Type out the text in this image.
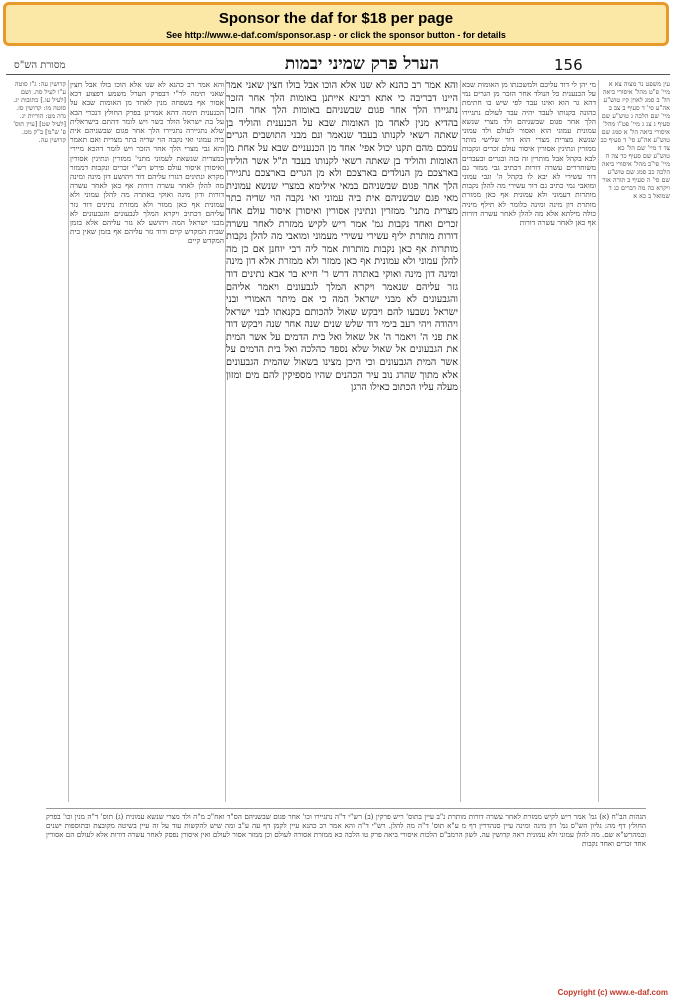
Sponsor the daf for $18 per page
See http://www.e-daf.com/sponsor.asp - or click the sponsor button - for details
מסורת הש"ס	הערל פרק שמיני יבמות	156
קדושין עה: ג"ז סוטה ע"ו לעיל סה. ושם [לעיל עו.] כתובות יג. סוטה מו: קדושין סז. נדה מט: הוריות יג. [לעיל שט] [עיין תוס' פ' ש"מ] ב"ק מט. קדושין עה.
והא אמר רב כהנא לא שנו אלא הוכו בולו אבל חצין שאני תימה לר"י דבפרק הערל משמע דפצוע דכא אסור אף בשפחה מנין לאחד מן האומות שבא על הכנענית תימה דהא אמרינן בפרק החולץ דנכרי הבא על בת ישראל הולד כשר ויש לומר דהתם בישראלית שלא נתגיירה נתגיירו הלך אחר פגום שבשניהם אית ביה עמוני ואי נקבה הוי שדיה בתר מצרית ואם תאמר והא גבי מצרי הלך אחר הזכר ויש לומר דהכא מיירי במצרית שנשאת לעמוני מתני' ממזרין ונתינין אסורין ואיסורן איסור עולם פירש רש"י זכרים ונקבות דממזר מקרא ונתינים דגזרו עליהם דוד ויהושע דון מינה ומינה מה להלן לאחר עשרה דורות אף כאן לאחר עשרה דורות ודון מינה ואוקי באתרה מה להלן עמוני ולא עמונית אף כאן ממזר ולא ממזרת נתינים דוד גזר עליהם דכתיב ויקרא המלך לגבעונים והגבעונים לא מבני ישראל המה ויהושע לא גזר עליהם אלא בזמן שבית המקדש קיים ודוד גזר עליהם אף בזמן שאין בית המקדש קיים
והא אמר רב כהנא לא שנו אלא הוכו אבל בולו חצין שאני אמר היינו דבריבה כי אתא רבינא אייתנן באומות הלך אחר הזכר נתגיירו הלך אחר פגום שבשניהם באומות הלך אחר הזכר בהדיא מנין לאחד מן האומות שבא על הכנענית והוליד בן שאתה רשאי לקנותו בעבד שנאמר ונם מבני התושבים הגרים עמכם מהם תקנו יכול אפי' אחד מן הכנעניים שבא על אחת מן האומות והוליד בן שאתה רשאי לקנותו בעבד ת"ל אשר הולידו בארצכם מן הנולדים בארצכם ולא מן הגרים בארצכם נתגיירו הלך אחר פגום שבשניהם במאי אילימא במצרי שנשא עמונית מאי פגם שבשניהם אית ביה עמוני ואי נקבה הוי שדיה בתר מצרית מתני' ממזרין ונתינין אסורין ואיסורן איסור עולם אחד זכרים ואחד נקבות גמ' אמר ריש לקיש ממזרת לאחר עשרה דורות מותרת יליף עשירי עשירי מעמוני ומואבי מה להלן נקבות מותרות אף כאן נקבות מותרות אמר ליה רבי יוחנן אם כן מה להלן עמוני ולא עמונית אף כאן ממזר ולא ממזרת אלא דון מינה ומינה דון מינה ואוקי באתרה דרש ר' חייא בר אבא נתינים דוד גזר עליהם שנאמר ויקרא המלך לגבעונים ויאמר אליהם והגבעונים לא מבני ישראל המה כי אם מיתר האמורי ובני ישראל נשבעו להם ויבקש שאול להכותם בקנאתו לבני ישראל ויהודה ויהי רעב בימי דוד שלש שנים שנה אחר שנה ויבקש דוד את פני ה' ויאמר ה' אל שאול ואל בית הדמים על אשר המית את הגבעונים אל שאול שלא נספד כהלכה ואל בית הדמים על אשר המית הגבעונים וכי היכן מצינו בשאול שהמית הגבעונים אלא מתוך שהרג נוב עיר הכהנים שהיו מספיקין להם מים ומזון מעלה עליו הכתוב כאילו הרגן
מי יהן לי דוד עליכם ולמשכנתו מן האומות שבא על הכנענית כל הנולד אחר הזכר מן הגרים נמי דהא גר הוא ואינו עבד לפי שיש בו חתימת כהונה בקנותו לעבד יהיה עבד לעולם נתגיירו הלך אחר פגום שבשניהם ולד מצרי שנשא עמונית עמוני הוא ואסור לעולם ולד עמוני שנשא מצרית מצרי הוא דור שלישי מותר ממזרין ונתינין אסורין איסור עולם זכרים ונקבות לבא בקהל אבל מותרין זה בזה ובגרים ובעבדים משוחררים עשרה דורות דכתיב גבי ממזר גם דור עשירי לא יבא לו בקהל ה' וגבי עמוני ומואבי נמי כתיב גם דור עשירי מה להלן נקבות מותרות דעמוני ולא עמונית אף כאן ממזרת מותרת דון מינה ומינה כלומר לא תילף מיניה כולה מילתא אלא מה להלן לאחר עשרה דורות אף כאן לאחר עשרה דורות
עין משפט נר מצוה צא א מיי' פ"ט מהל' איסורי ביאה הל' ב סמג לאוין קיז טוש"ע אה"ע סי' ד סעיף ב צב ב מיי' שם הלכה ג טוש"ע שם סעיף ג צג ג מיי' פט"ו מהל' איסורי ביאה הל' א סמג שם טוש"ע אה"ע סי' ד סעיף כב צד ד מיי' שם הל' כא טוש"ע שם סעיף כד צה ה מיי' פי"ב מהל' איסורי ביאה הלכה כב סמג שם טוש"ע שם סי' ה סעיף ב תורה אור ויקרא כה מה דברים כג ד שמואל ב כא א
הגהות הב"ח (א) גמ' אמר ריש לקיש ממזרת לאחר עשרה דורות מותרת נ"ב עיין בתוס' ריש פרקין (ב) רש"י ד"ה נתגיירו וכו' אחר פגום שבשניהם הס"ד ואח"כ מ"ה ולד מצרי שנשא עמונית (ג) תוס' ד"ה מנין וכו' בפרק החולץ דף מה: גליון הש"ס גמ' דון מינה ומינה עיין סנהדרין דף מ ע"א תוס' ד"ה מה להלן. רש"י ד"ה והא אמר רב כהנא עיין לקמן דף עה ע"ב ומה שיש להקשות עוד על זה עיין בשיטה מקובצת ובתוספות ישנים ובמהרש"א שם. מה להלן עמוני ולא עמונית ראה קדושין עה. לשון הרמב"ם הלכות איסורי ביאה פרק טו הלכה כא ממזרת אסורה לעולם וכן ממזר אסור לעולם ואין איסורן נפסק לאחר עשרה דורות אלא לעולם הם אסורין אחד זכרים ואחד נקבות
Copyright (c) www.e-daf.com
